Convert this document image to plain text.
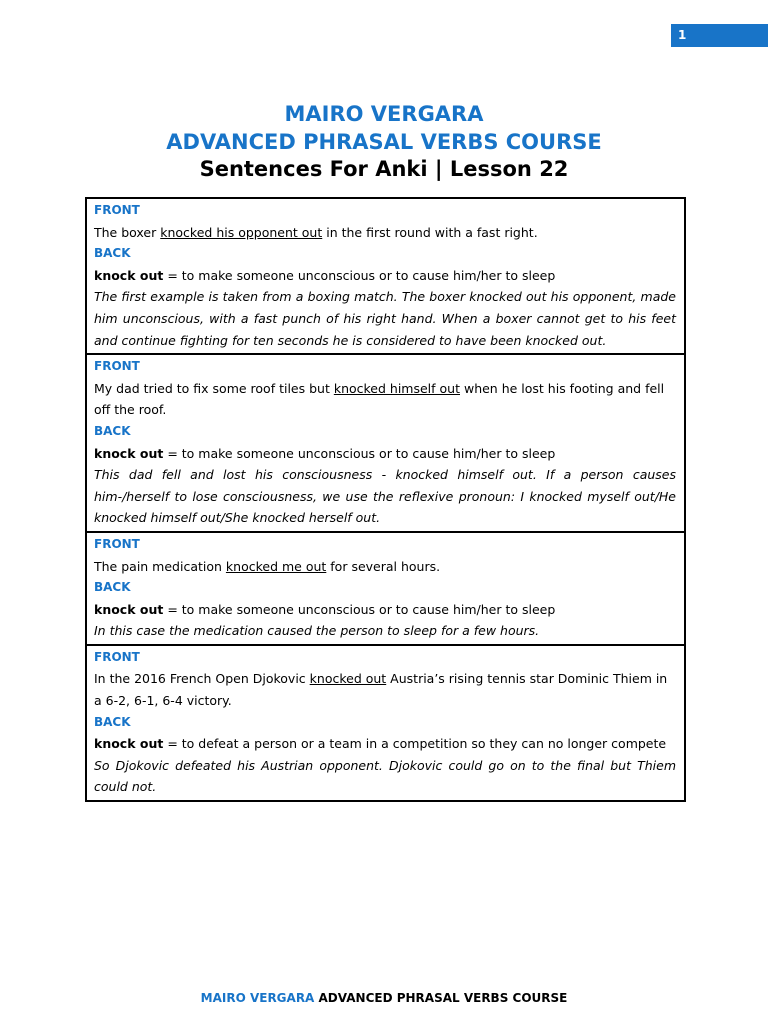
1
MAIRO VERGARA
ADVANCED PHRASAL VERBS COURSE
Sentences For Anki | Lesson 22
FRONT
The boxer knocked his opponent out in the first round with a fast right.
BACK
knock out = to make someone unconscious or to cause him/her to sleep
The first example is taken from a boxing match. The boxer knocked out his opponent, made him unconscious, with a fast punch of his right hand. When a boxer cannot get to his feet and continue fighting for ten seconds he is considered to have been knocked out.
FRONT
My dad tried to fix some roof tiles but knocked himself out when he lost his footing and fell off the roof.
BACK
knock out = to make someone unconscious or to cause him/her to sleep
This dad fell and lost his consciousness - knocked himself out. If a person causes him-/herself to lose consciousness, we use the reflexive pronoun: I knocked myself out/He knocked himself out/She knocked herself out.
FRONT
The pain medication knocked me out for several hours.
BACK
knock out = to make someone unconscious or to cause him/her to sleep
In this case the medication caused the person to sleep for a few hours.
FRONT
In the 2016 French Open Djokovic knocked out Austria’s rising tennis star Dominic Thiem in a 6-2, 6-1, 6-4 victory.
BACK
knock out = to defeat a person or a team in a competition so they can no longer compete
So Djokovic defeated his Austrian opponent. Djokovic could go on to the final but Thiem could not.
MAIRO VERGARA ADVANCED PHRASAL VERBS COURSE
